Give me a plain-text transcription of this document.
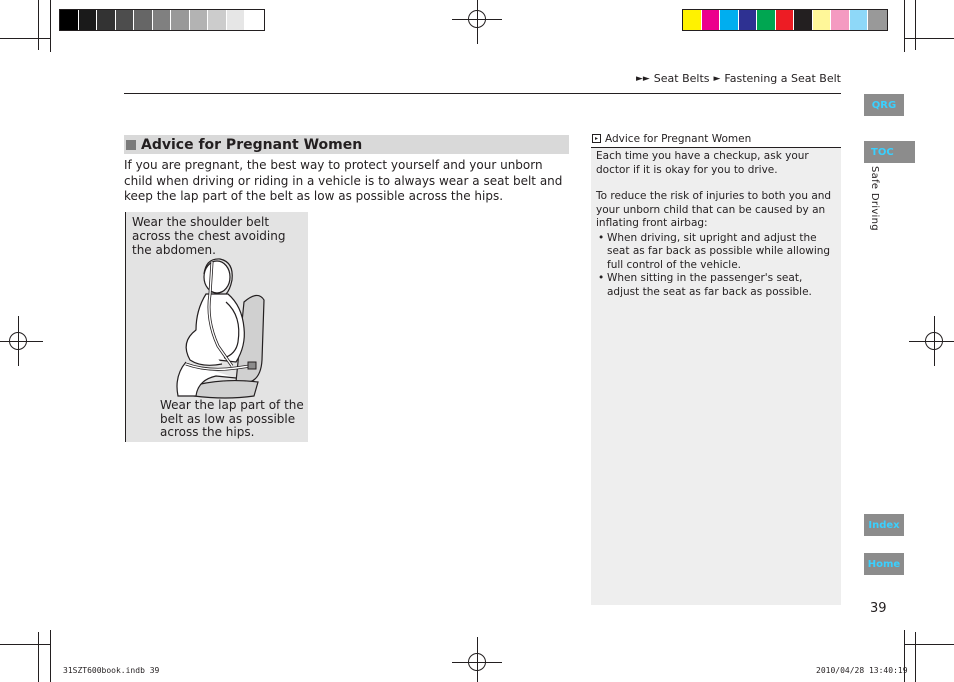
►► Seat Belts ► Fastening a Seat Belt
QRG
TOC
Safe Driving
Index
Home
Advice for Pregnant Women
If you are pregnant, the best way to protect yourself and your unborn child when driving or riding in a vehicle is to always wear a seat belt and keep the lap part of the belt as low as possible across the hips.
Wear the shoulder belt across the chest avoiding the abdomen.
Wear the lap part of the belt as low as possible across the hips.
▸ Advice for Pregnant Women

Each time you have a checkup, ask your doctor if it is okay for you to drive.

To reduce the risk of injuries to both you and your unborn child that can be caused by an inflating front airbag:

• When driving, sit upright and adjust the seat as far back as possible while allowing full control of the vehicle.
• When sitting in the passenger's seat, adjust the seat as far back as possible.
39
31SZT600book.indb 39	2010/04/28 13:40:19
